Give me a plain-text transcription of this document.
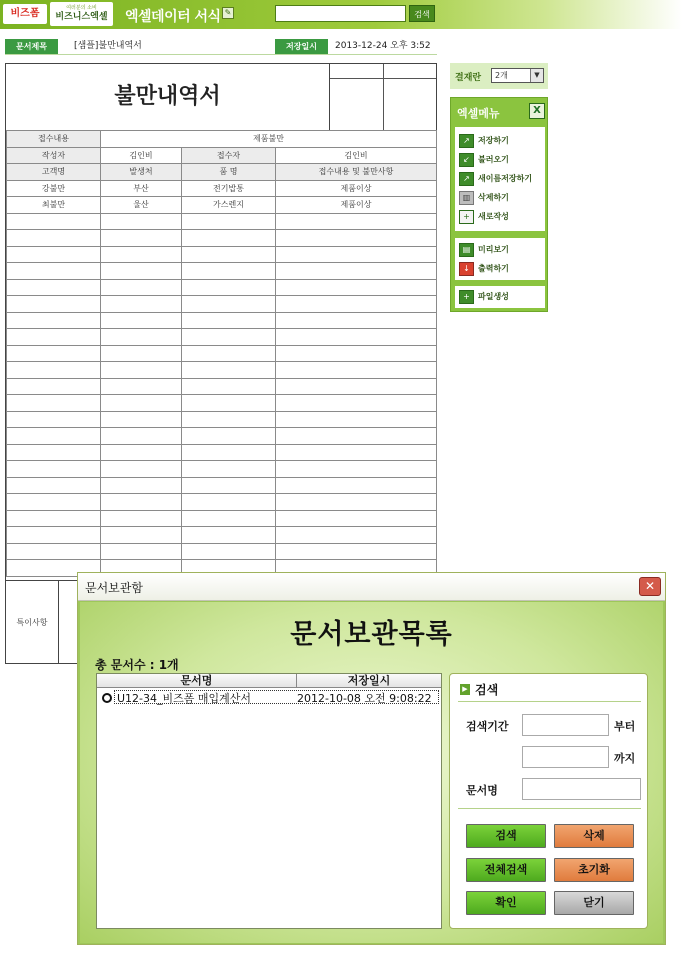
비즈폼	여러분의 소비
비즈니스엑셀	엑셀데이터 서식 ✎	검색
문서제목	[샘플]불만내역서	저장일시	2013-12-24 오후 3:52
불만내역서
접수내용	제품불만		
작성자	김인비	접수자	김인비
고객명	발생처	품 명	접수내용 및 불만사항
강불만	부산	전기밥통	제품이상
최불만	울산	가스렌지	제품이상

특이사항
결재란	2개	▼
엑셀메뉴	X
↗	저장하기
↙	불러오기
↗	새이름저장하기
▥ 삭제하기
+	새로작성
▤ 미리보기
↓	출력하기
+	파일생성
문서보관함	✕
문서보관목록
총 문서수 : 1개
문서명	저장일시
U12-34_비즈폼 매입계산서	2012-10-08 오전 9:08:22
▶ 검색
검색기간	부터
까지
문서명
검색	삭제
전체검색	초기화
확인	닫기
